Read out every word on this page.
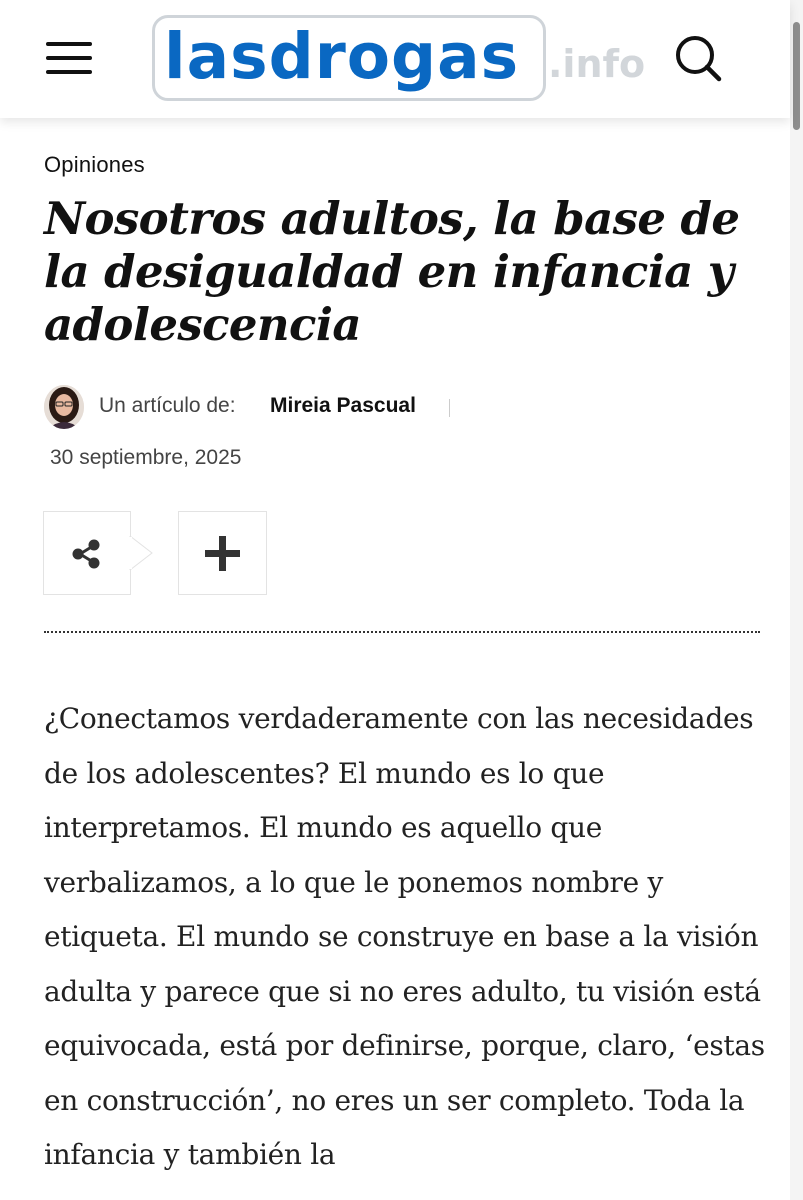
lasdrogas .info
Opiniones
Nosotros adultos, la base de la desigualdad en infancia y adolescencia
Un artículo de: Mireia Pascual
30 septiembre, 2025

¿Conectamos verdaderamente con las necesidades de los adolescentes? El mundo es lo que interpretamos. El mundo es aquello que verbalizamos, a lo que le ponemos nombre y etiqueta. El mundo se construye en base a la visión adulta y parece que si no eres adulto, tu visión está equivocada, está por definirse, porque, claro, ‘estas en construcción’, no eres un ser completo. Toda la infancia y también la
